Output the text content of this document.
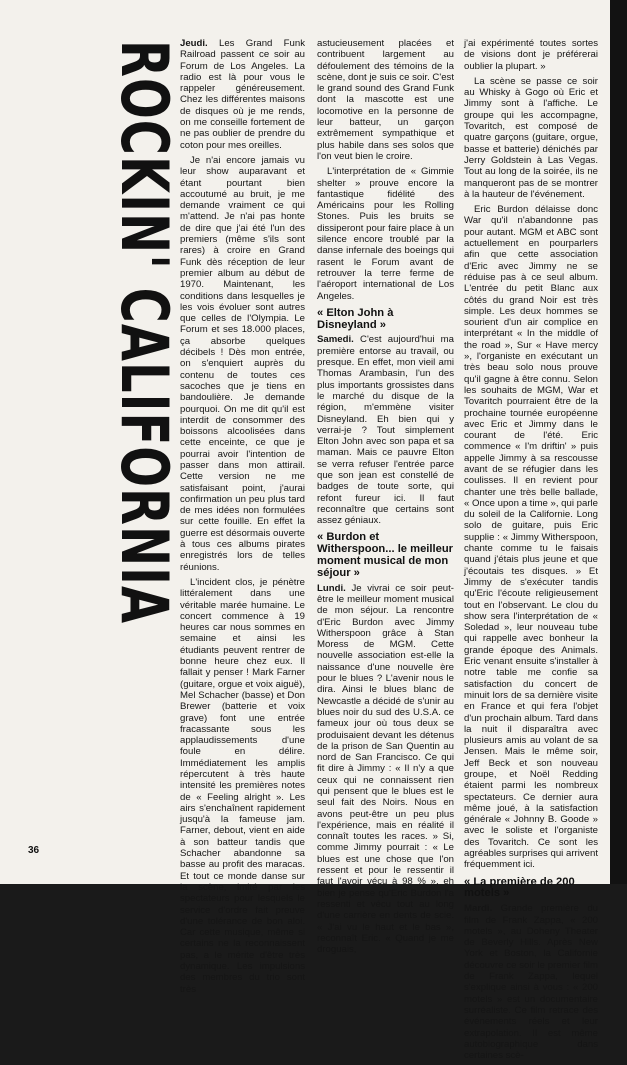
ROCKIN' CALIFORNIA

Jeudi. Les Grand Funk Railroad passent ce soir au Forum de Los Angeles. La radio est là pour vous le rappeler généreusement. Chez les différentes maisons de disques où je me rends, on me conseille fortement de ne pas oublier de prendre du coton pour mes oreilles.

Je n'ai encore jamais vu leur show auparavant et étant pourtant bien accoutumé au bruit, je me demande vraiment ce qui m'attend. Je n'ai pas honte de dire que j'ai été l'un des premiers (même s'ils sont rares) à croire en Grand Funk dès réception de leur premier album au début de 1970. Maintenant, les conditions dans lesquelles je les vois évoluer sont autres que celles de l'Olympia. Le Forum et ses 18.000 places, ça absorbe quelques décibels ! Dès mon entrée, on s'enquiert auprès du contenu de toutes ces sacoches que je tiens en bandoulière. Je demande pourquoi. On me dit qu'il est interdit de consommer des boissons alcoolisées dans cette enceinte, ce que je pourrai avoir l'intention de passer dans mon attirail. Cette version ne me satisfaisant point, j'aurai confirmation un peu plus tard de mes idées non formulées sur cette fouille. En effet la guerre est désormais ouverte à tous ces albums pirates enregistrés lors de telles réunions.

L'incident clos, je pénètre littéralement dans une véritable marée humaine. Le concert commence à 19 heures car nous sommes en semaine et ainsi les étudiants peuvent rentrer de bonne heure chez eux. Il fallait y penser ! Mark Farner (guitare, orgue et voix aiguë), Mel Schacher (basse) et Don Brewer (batterie et voix grave) font une entrée fracassante sous les applaudissements d'une foule en délire. Immédiatement les amplis répercutent à très haute intensité les premières notes de « Feeling alright ». Les airs s'enchaînent rapidement jusqu'à la fameuse jam. Farner, debout, vient en aide à son batteur tandis que Schacher abandonne sa basse au profit des maracas. Et tout ce monde danse sur la scène, imité par les spectateurs pour lesquels le service d'ordre fait preuve d'une tolérance de bon aloi. Car cette musique, même si certains ne la reconnaissent pas, a le mérite d'être très dynamique. Les impulsions des membres du trio sont très

astucieusement placées et contribuent largement au défoulement des témoins de la scène, dont je suis ce soir. C'est le grand sound des Grand Funk dont la mascotte est une locomotive en la personne de leur batteur, un garçon extrêmement sympathique et plus habile dans ses solos que l'on veut bien le croire.

L'interprétation de « Gimmie shelter » prouve encore la fantastique fidélité des Américains pour les Rolling Stones. Puis les bruits se dissiperont pour faire place à un silence encore troublé par la danse infernale des boeings qui rasent le Forum avant de retrouver la terre ferme de l'aéroport international de Los Angeles.

« Elton John à Disneyland »

Samedi. C'est aujourd'hui ma première entorse au travail, ou presque. En effet, mon vieil ami Thomas Arambasin, l'un des plus importants grossistes dans le marché du disque de la région, m'emmène visiter Disneyland. Eh bien qui y verrai-je ? Tout simplement Elton John avec son papa et sa maman. Mais ce pauvre Elton se verra refuser l'entrée parce que son jean est constellé de badges de toute sorte, qui refont fureur ici. Il faut reconnaître que certains sont assez géniaux.

« Burdon et Witherspoon... le meilleur moment musical de mon séjour »

Lundi. Je vivrai ce soir peut-être le meilleur moment musical de mon séjour. La rencontre d'Eric Burdon avec Jimmy Witherspoon grâce à Stan Moress de MGM. Cette nouvelle association est-elle la naissance d'une nouvelle ère pour le blues ? L'avenir nous le dira. Ainsi le blues blanc de Newcastle a décidé de s'unir au blues noir du sud des U.S.A. ce fameux jour où tous deux se produisaient devant les détenus de la prison de San Quentin au nord de San Francisco. Ce qui fit dire à Jimmy : « Il n'y a que ceux qui ne connaissent rien qui pensent que le blues est le seul fait des Noirs. Nous en avons peut-être un peu plus l'expérience, mais en réalité il connaît toutes les races. » Si, comme Jimmy pourrait : « Le blues est une chose que l'on ressent et pour le ressentir il faut l'avoir vécu à 98 % », eh bien je pense qu'Eric Burdon l'a ressenti et vécu tout au long d'une carrière en dents de scie. « J'ai vu le haut et le bas », reconnaît Eric. « Quand je me droguais,

j'ai expérimenté toutes sortes de visions dont je préférerai oublier la plupart. »

La scène se passe ce soir au Whisky à Gogo où Eric et Jimmy sont à l'affiche. Le groupe qui les accompagne, Tovaritch, est composé de quatre garçons (guitare, orgue, basse et batterie) dénichés par Jerry Goldstein à Las Vegas. Tout au long de la soirée, ils ne manqueront pas de se montrer à la hauteur de l'événement.

Eric Burdon délaisse donc War qu'il n'abandonne pas pour autant. MGM et ABC sont actuellement en pourparlers afin que cette association d'Eric avec Jimmy ne se réduise pas à ce seul album. L'entrée du petit Blanc aux côtés du grand Noir est très simple. Les deux hommes se sourient d'un air complice en interprétant « In the middle of the road », Sur « Have mercy », l'organiste en exécutant un très beau solo nous prouve qu'il gagne à être connu. Selon les souhaits de MGM, War et Tovaritch pourraient être de la prochaine tournée européenne avec Eric et Jimmy dans le courant de l'été. Eric commence « I'm driftin' » puis appelle Jimmy à sa rescousse avant de se réfugier dans les coulisses. Il en revient pour chanter une très belle ballade, « Once upon a time », qui parle du soleil de la Californie. Long solo de guitare, puis Eric supplie : « Jimmy Witherspoon, chante comme tu le faisais quand j'étais plus jeune et que j'écoutais tes disques. » Et Jimmy de s'exécuter tandis qu'Eric l'écoute religieusement tout en l'observant. Le clou du show sera l'interprétation de « Soledad », leur nouveau tube qui rappelle avec bonheur la grande époque des Animals. Eric venant ensuite s'installer à notre table me confie sa satisfaction du concert de minuit lors de sa dernière visite en France et qui fera l'objet d'un prochain album. Tard dans la nuit il disparaîtra avec plusieurs amis au volant de sa Jensen. Mais le même soir, Jeff Beck et son nouveau groupe, et Noël Redding étaient parmi les nombreux spectateurs. Ce dernier aura même joué, à la satisfaction générale « Johnny B. Goode » avec le soliste et l'organiste des Tovaritch. Ce sont les agréables surprises qui arrivent fréquemment ici.

« La première de 200 motels »

Mardi. Grande première du film de Frank Zappa, « 200 motels », au Doheny Theater de Beverly Hills. Après New York et Boston, la Californie découvre ce soir le premier film de Frank Zappa, lequel s'explique ainsi à vous : « 200 motels » est un documentaire surréaliste. Ce film retrace des événements réels et leur extrapolation. Il est même autobiographique dans certaines scè-

36
